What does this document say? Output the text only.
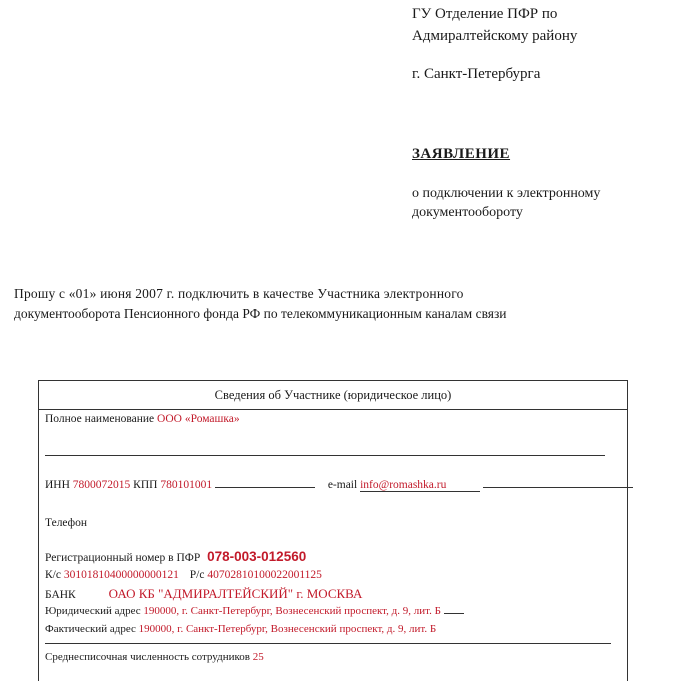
ГУ Отделение ПФР по
Адмиралтейскому району
г. Санкт-Петербурга
ЗАЯВЛЕНИЕ
о подключении к электронному
документообороту
Прошу с «01» июня 2007 г. подключить в качестве Участника электронного
документооборота Пенсионного фонда РФ по телекоммуникационным каналам связи
Сведения об Участнике (юридическое лицо)
Полное наименование ООО «Ромашка»
ИНН 7800072015 КПП 780101001	e-mail info@romashka.ru
Телефон
Регистрационный номер в ПФР 078-003-012560
К/с 30101810400000000121 Р/с 40702810100022001125
БАНК	ОАО КБ "АДМИРАЛТЕЙСКИЙ" г. МОСКВА
Юридический адрес 190000, г. Санкт-Петербург, Вознесенский проспект, д. 9, лит. Б
Фактический адрес 190000, г. Санкт-Петербург, Вознесенский проспект, д. 9, лит. Б
Среднесписочная численность сотрудников 25
